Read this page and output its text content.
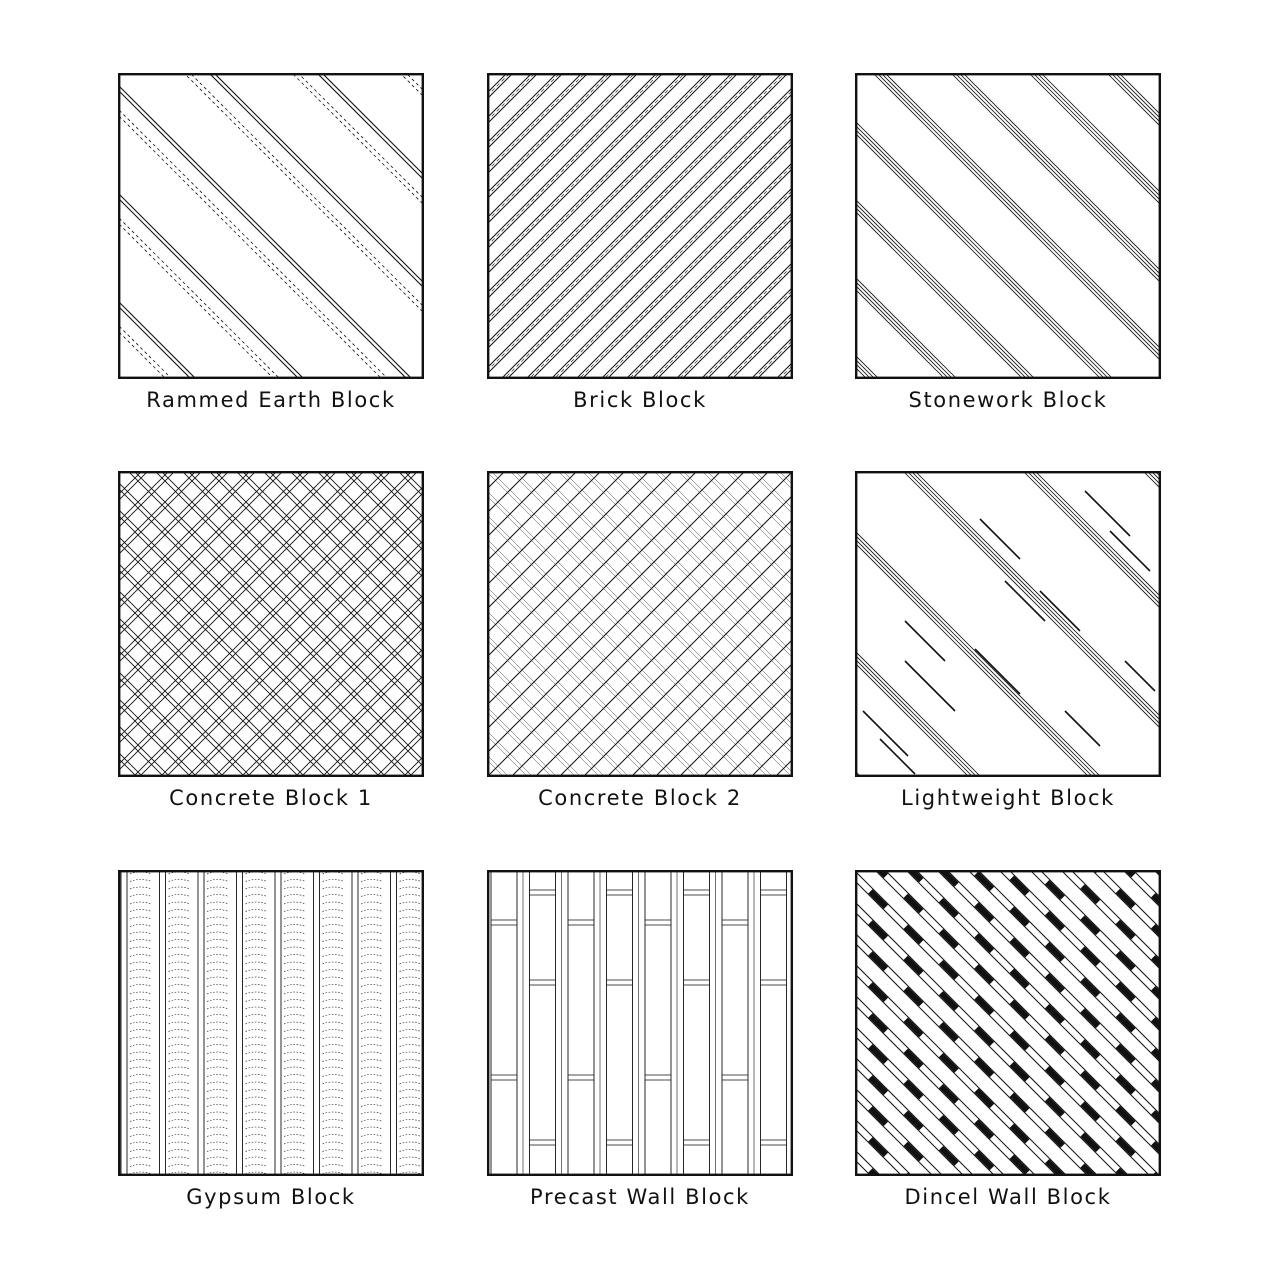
Rammed Earth Block	Brick Block	Stonework Block
Concrete Block 1	Concrete Block 2	Lightweight Block
Gypsum Block	Precast Wall Block	Dincel Wall Block
